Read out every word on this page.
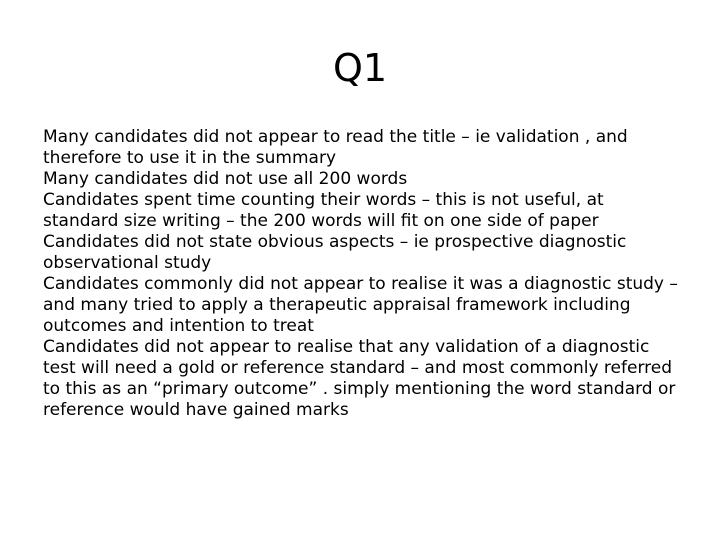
Q1
Many candidates did not appear to read the title – ie validation , and therefore to use it in the summary
Many candidates did not use all 200 words
Candidates spent time counting their words – this is not useful, at standard size writing – the 200 words will fit on one side of paper
Candidates did not state obvious aspects – ie prospective diagnostic observational study
Candidates commonly did not appear to realise it was a diagnostic study – and many tried to apply a therapeutic appraisal framework including outcomes and intention to treat
Candidates did not appear to realise that any validation of a diagnostic test will need a gold or reference standard – and most commonly referred to this as an “primary outcome” . simply mentioning the word standard or reference would have gained marks
